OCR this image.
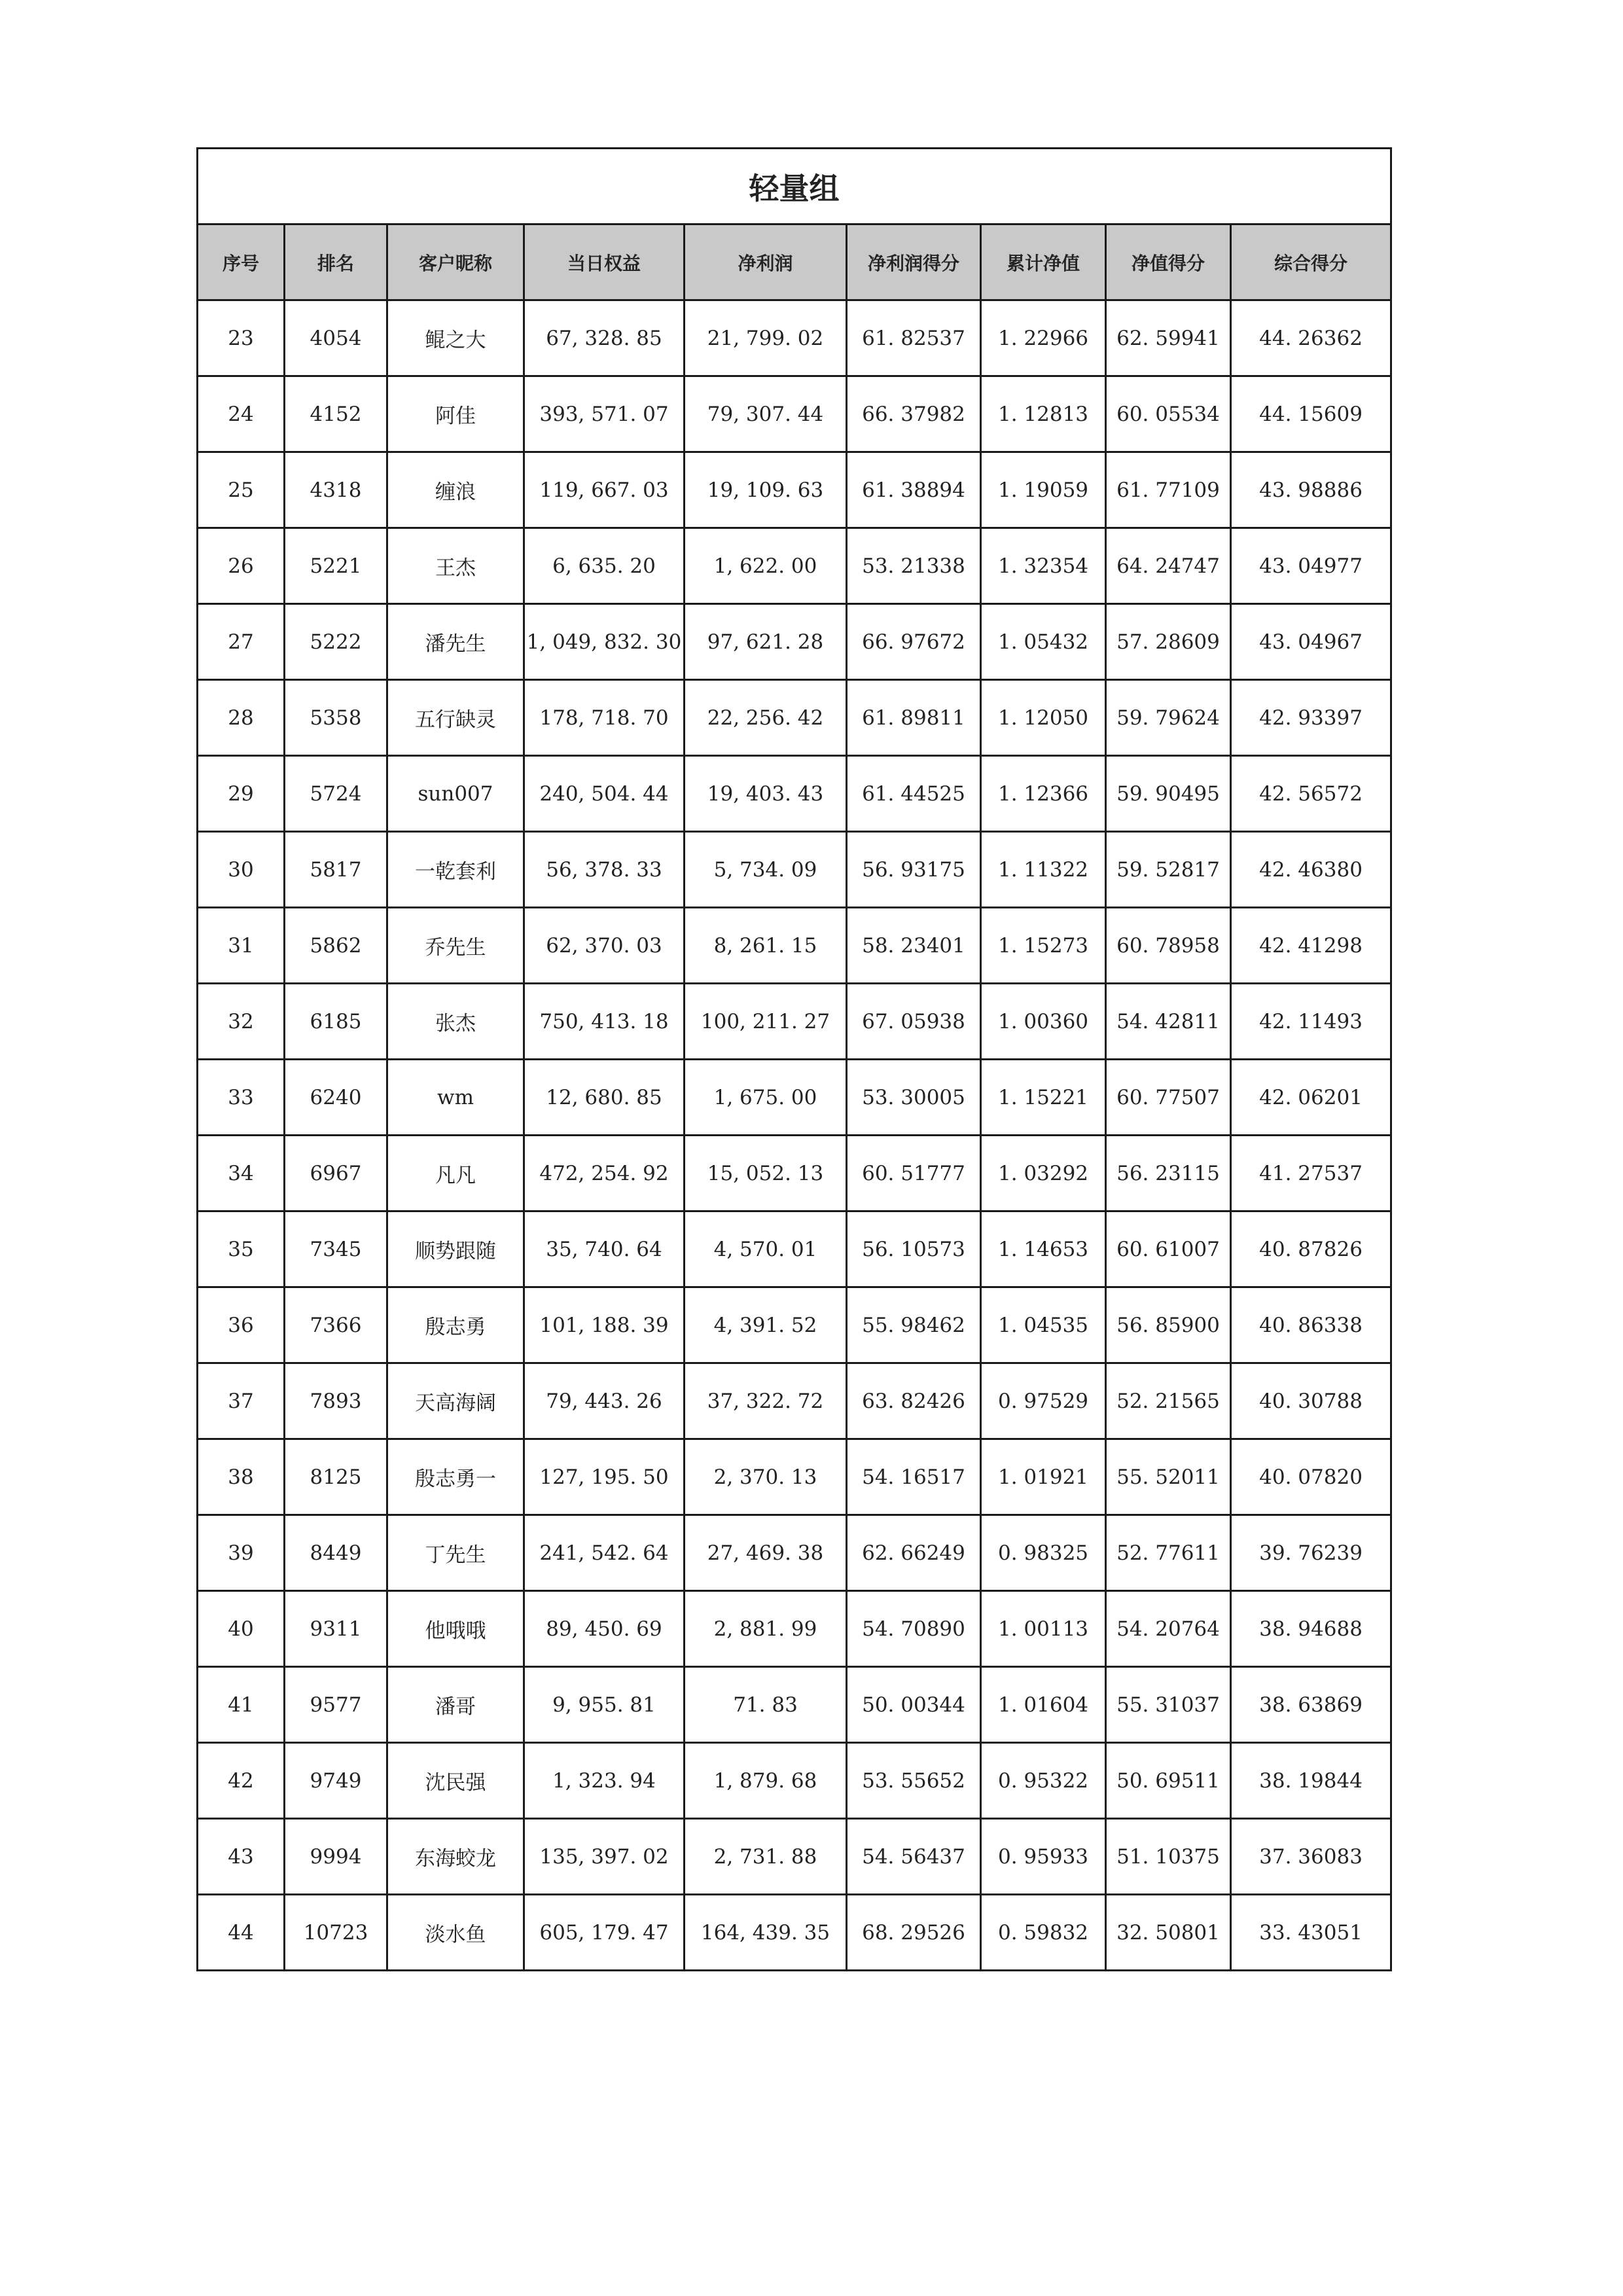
轻量组								
序号	排名	客户昵称	当日权益	净利润	净利润得分	累计净值	净值得分	综合得分
23	4054	鲲之大	67, 328. 85	21, 799. 02	61. 82537	1. 22966	62. 59941	44. 26362
24	4152	阿佳	393, 571. 07	79, 307. 44	66. 37982	1. 12813	60. 05534	44. 15609
25	4318	缠浪	119, 667. 03	19, 109. 63	61. 38894	1. 19059	61. 77109	43. 98886
26	5221	王杰	6, 635. 20	1, 622. 00	53. 21338	1. 32354	64. 24747	43. 04977
27	5222	潘先生	1, 049, 832. 30	97, 621. 28	66. 97672	1. 05432	57. 28609	43. 04967
28	5358	五行缺灵	178, 718. 70	22, 256. 42	61. 89811	1. 12050	59. 79624	42. 93397
29	5724	sun007	240, 504. 44	19, 403. 43	61. 44525	1. 12366	59. 90495	42. 56572
30	5817	一乾套利	56, 378. 33	5, 734. 09	56. 93175	1. 11322	59. 52817	42. 46380
31	5862	乔先生	62, 370. 03	8, 261. 15	58. 23401	1. 15273	60. 78958	42. 41298
32	6185	张杰	750, 413. 18	100, 211. 27	67. 05938	1. 00360	54. 42811	42. 11493
33	6240	wm	12, 680. 85	1, 675. 00	53. 30005	1. 15221	60. 77507	42. 06201
34	6967	凡凡	472, 254. 92	15, 052. 13	60. 51777	1. 03292	56. 23115	41. 27537
35	7345	顺势跟随	35, 740. 64	4, 570. 01	56. 10573	1. 14653	60. 61007	40. 87826
36	7366	殷志勇	101, 188. 39	4, 391. 52	55. 98462	1. 04535	56. 85900	40. 86338
37	7893	天高海阔	79, 443. 26	37, 322. 72	63. 82426	0. 97529	52. 21565	40. 30788
38	8125	殷志勇一	127, 195. 50	2, 370. 13	54. 16517	1. 01921	55. 52011	40. 07820
39	8449	丁先生	241, 542. 64	27, 469. 38	62. 66249	0. 98325	52. 77611	39. 76239
40	9311	他哦哦	89, 450. 69	2, 881. 99	54. 70890	1. 00113	54. 20764	38. 94688
41	9577	潘哥	9, 955. 81	71. 83	50. 00344	1. 01604	55. 31037	38. 63869
42	9749	沈民强	1, 323. 94	1, 879. 68	53. 55652	0. 95322	50. 69511	38. 19844
43	9994	东海蛟龙	135, 397. 02	2, 731. 88	54. 56437	0. 95933	51. 10375	37. 36083
44	10723	淡水鱼	605, 179. 47	164, 439. 35	68. 29526	0. 59832	32. 50801	33. 43051
